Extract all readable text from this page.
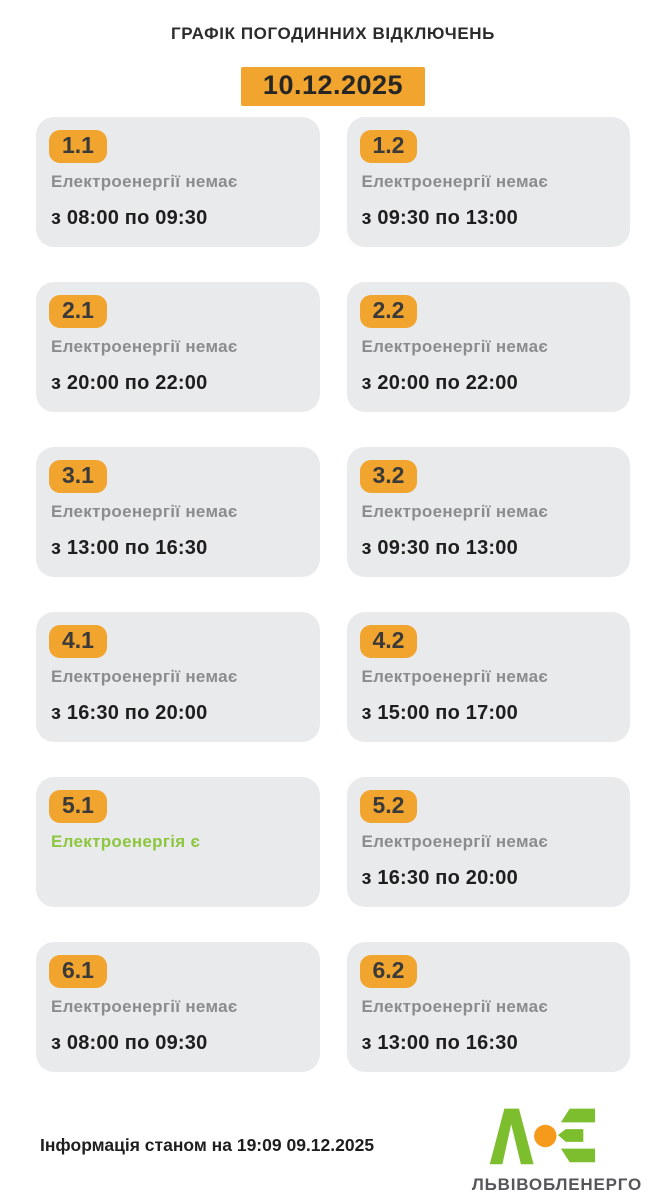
ГРАФІК ПОГОДИННИХ ВІДКЛЮЧЕНЬ
10.12.2025
1.1
Електроенергії немає
з 08:00 по 09:30
1.2
Електроенергії немає
з 09:30 по 13:00
2.1
Електроенергії немає
з 20:00 по 22:00
2.2
Електроенергії немає
з 20:00 по 22:00
3.1
Електроенергії немає
з 13:00 по 16:30
3.2
Електроенергії немає
з 09:30 по 13:00
4.1
Електроенергії немає
з 16:30 по 20:00
4.2
Електроенергії немає
з 15:00 по 17:00
5.1
Електроенергія є
5.2
Електроенергії немає
з 16:30 по 20:00
6.1
Електроенергії немає
з 08:00 по 09:30
6.2
Електроенергії немає
з 13:00 по 16:30
Інформація станом на 19:09 09.12.2025
ЛЬВІВОБЛЕНЕРГО
